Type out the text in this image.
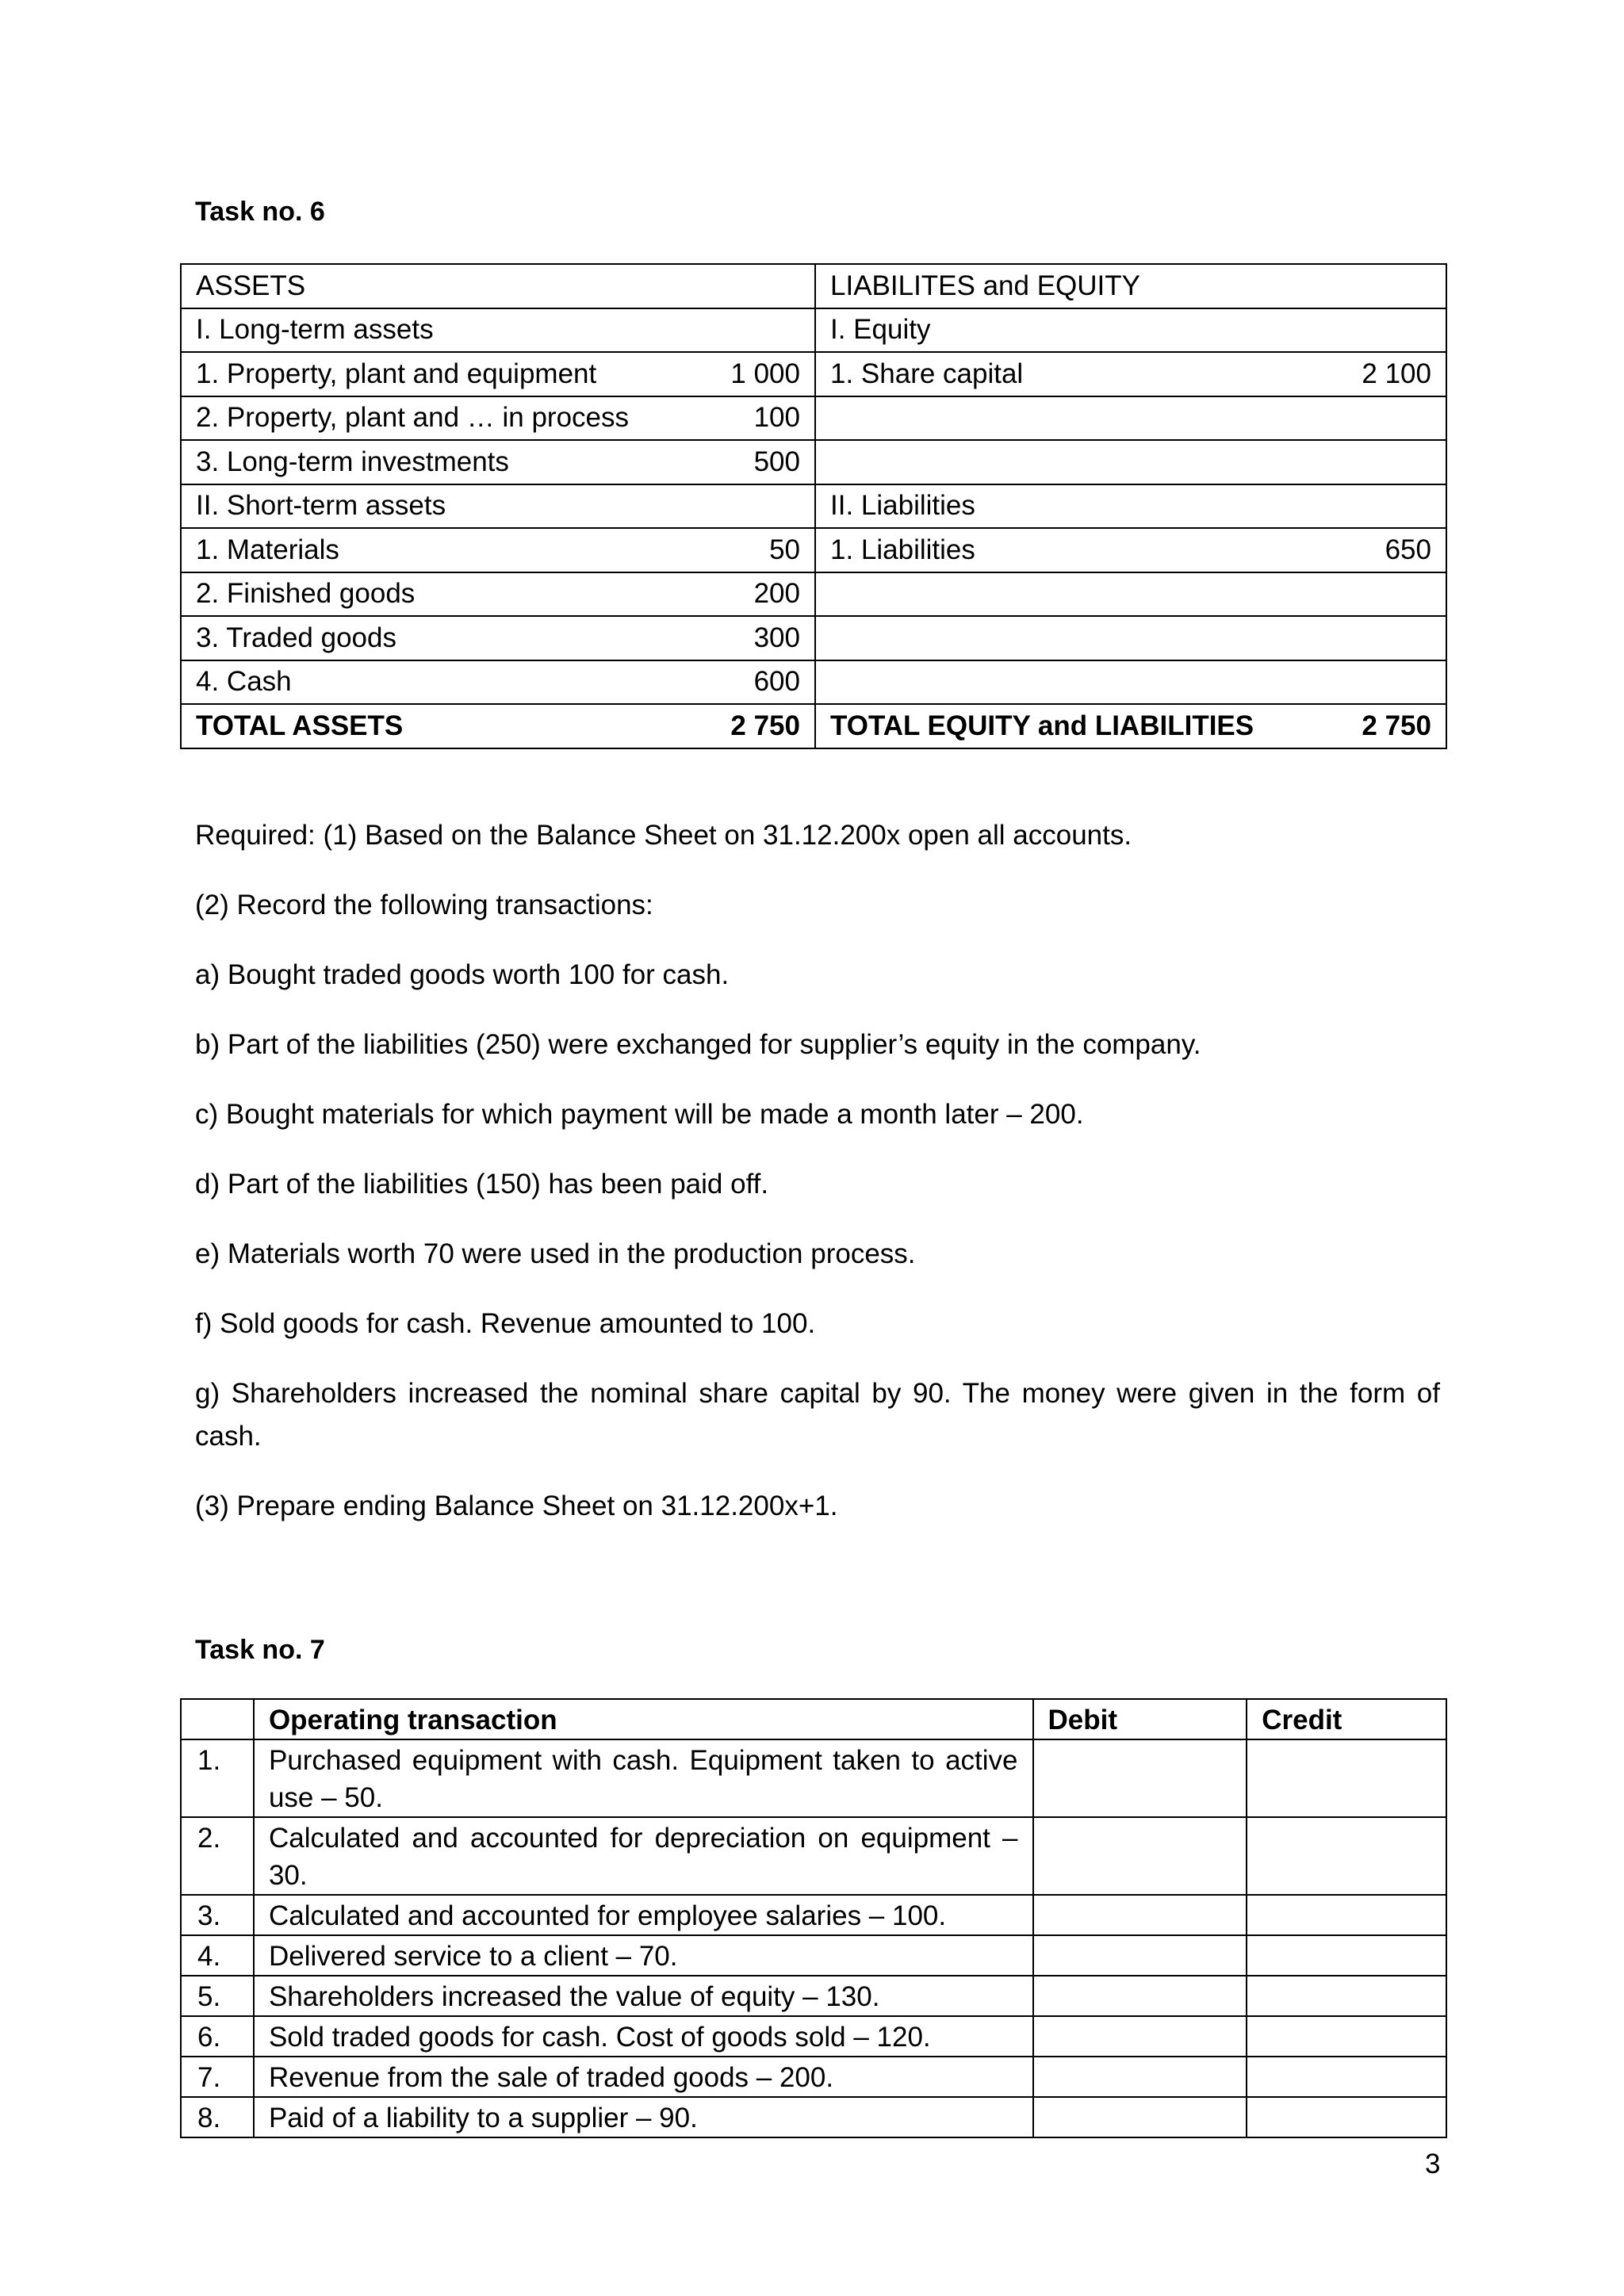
Task no. 6
ASSETS	LIABILITES and EQUITY

I. Long-term assets	I. Equity

1. Property, plant and equipment 1 000	1. Share capital 2 100

2. Property, plant and … in process 100	

3. Long-term investments 500	

II. Short-term assets	II. Liabilities

1. Materials 50	1. Liabilities 650

2. Finished goods 200	

3. Traded goods 300	

4. Cash 600	

TOTAL ASSETS 2 750	TOTAL EQUITY and LIABILITIES 2 750

Required: (1) Based on the Balance Sheet on 31.12.200x open all accounts.

(2) Record the following transactions:

a) Bought traded goods worth 100 for cash.

b) Part of the liabilities (250) were exchanged for supplier’s equity in the company.

c) Bought materials for which payment will be made a month later – 200.

d) Part of the liabilities (150) has been paid off.

e) Materials worth 70 were used in the production process.

f) Sold goods for cash. Revenue amounted to 100.

g) Shareholders increased the nominal share capital by 90. The money were given in the form of cash.

(3) Prepare ending Balance Sheet on 31.12.200x+1.

Task no. 7
	Operating transaction	Debit	Credit
1.	Purchased equipment with cash. Equipment taken to active use – 50.		
2.	Calculated and accounted for depreciation on equipment – 30.		
3.	Calculated and accounted for employee salaries – 100.		
4.	Delivered service to a client – 70.		
5.	Shareholders increased the value of equity – 130.		
6.	Sold traded goods for cash. Cost of goods sold – 120.		
7.	Revenue from the sale of traded goods – 200.		
8.	Paid of a liability to a supplier – 90.		
3
